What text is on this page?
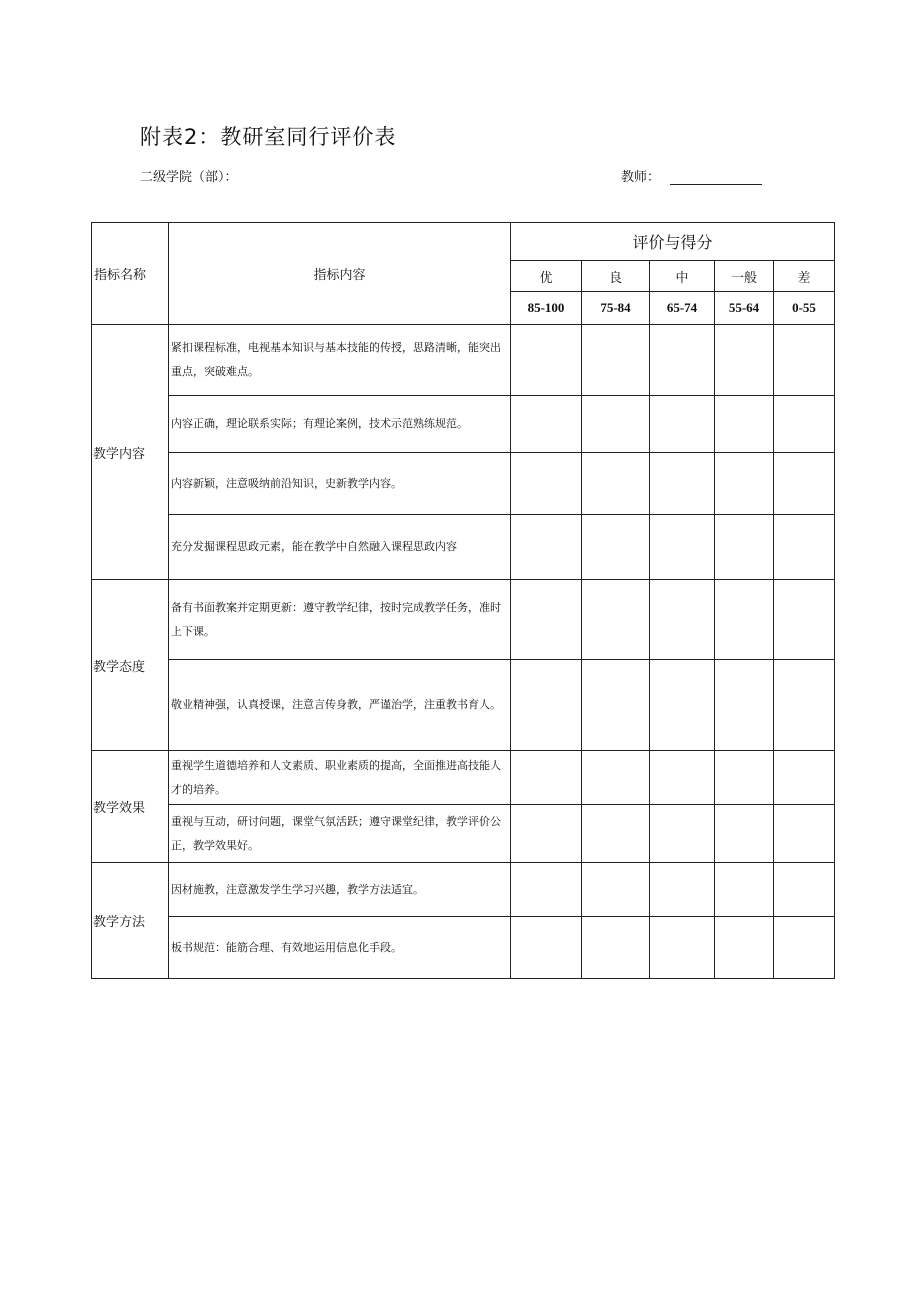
附表2：教研室同行评价表
二级学院（部）：	教师：
指标名称	指标内容	评价与得分				
		优	良	中	一般	差
		85-100	75-84	65-74	55-64	0-55
教学内容	紧扣课程标准，电视基本知识与基本技能的传授，思路清晰，能突出重点，突破难点。					
	内容正确，理论联系实际；有理论案例，技术示范熟练规范。					
	内容新颖，注意吸纳前沿知识，史新教学内容。					
	充分发掘课程思政元素，能在教学中自然融入课程思政内容					
教学态度	备有书面教案并定期更新：遵守教学纪律，按时完成教学任务，准时上下课。					
	敬业精神强，认真授课，注意言传身教，严谨治学，注重教书育人。					
教学效果	重视学生道德培养和人文素质、职业素质的提高，全面推进高技能人才的培养。					
	重视与互动，研讨问题，课堂气氛活跃；遵守课堂纪律，教学评价公正，教学效果好。					
教学方法	因材施教，注意激发学生学习兴趣，教学方法适宜。					
	板书规范：能筋合理、有效地运用信息化手段。					
